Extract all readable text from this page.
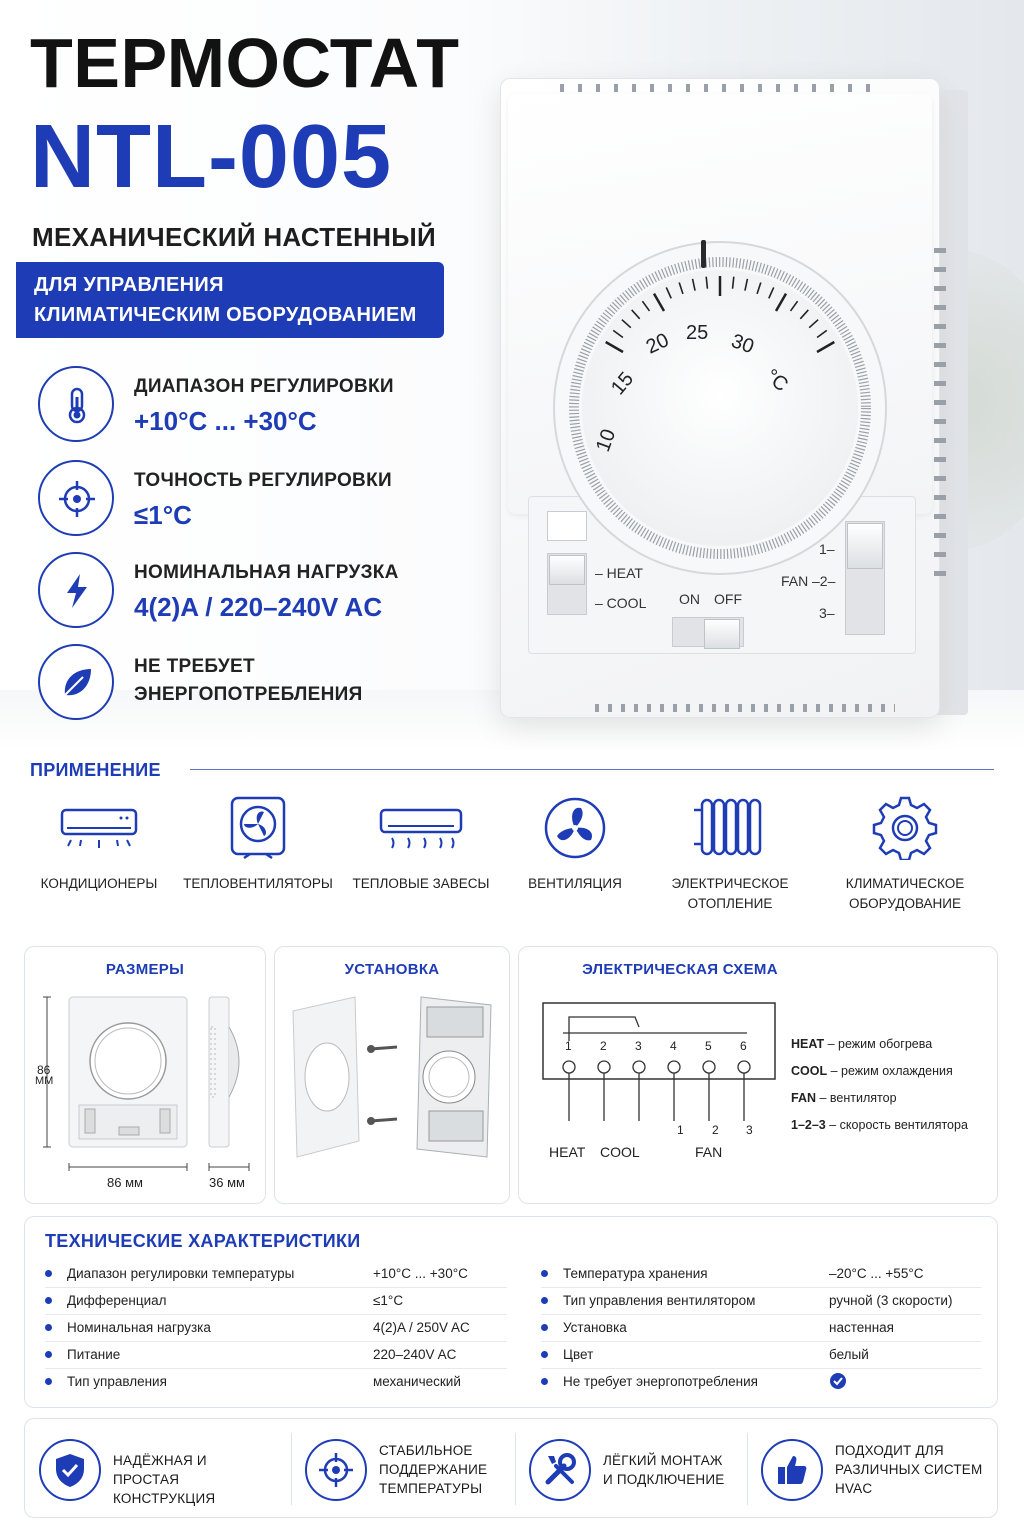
ТЕРМОСТАТ
NTL-005
МЕХАНИЧЕСКИЙ НАСТЕННЫЙ
ДЛЯ УПРАВЛЕНИЯ
КЛИМАТИЧЕСКИМ ОБОРУДОВАНИЕМ
ДИАПАЗОН РЕГУЛИРОВКИ
+10°C ... +30°C
ТОЧНОСТЬ РЕГУЛИРОВКИ
≤1°C
НОМИНАЛЬНАЯ НАГРУЗКА
4(2)A / 220–240V AC
НЕ ТРЕБУЕТ
ЭНЕРГОПОТРЕБЛЕНИЯ
– HEAT
– COOL ON OFF
FAN
1–
–2–
3–
10
15
20 25 30
°C
ПРИМЕНЕНИЕ
КОНДИЦИОНЕРЫ	ТЕПЛОВЕНТИЛЯТОРЫ	ТЕПЛОВЫЕ ЗАВЕСЫ	ВЕНТИЛЯЦИЯ	ЭЛЕКТРИЧЕСКОЕ
ОТОПЛЕНИЕ
КЛИМАТИЧЕСКОЕ
ОБОРУДОВАНИЕ
РАЗМЕРЫ
86
ММ
86 мм	36 мм
УСТАНОВКА	ЭЛЕКТРИЧЕСКАЯ СХЕМА
1 2 3 4 5 6
1 2 3
HEAT COOL	FAN
HEAT – режим обогрева
COOL – режим охлаждения
FAN – вентилятор
1–2–3 – скорость вентилятора
ТЕХНИЧЕСКИЕ ХАРАКТЕРИСТИКИ
Диапазон регулировки температуры	+10°C ... +30°C
Дифференциал	≤1°C
Номинальная нагрузка	4(2)A / 250V AC
Питание	220–240V AC
Тип управления	механический
Температура хранения	–20°C ... +55°C
Тип управления вентилятором	ручной (3 скорости)
Установка	настенная
Цвет	белый
Не требует энергопотребления
НАДЁЖНАЯ И
ПРОСТАЯ КОНСТРУКЦИЯ
СТАБИЛЬНОЕ
ПОДДЕРЖАНИЕ
ТЕМПЕРАТУРЫ
ЛЁГКИЙ МОНТАЖ
И ПОДКЛЮЧЕНИЕ
ПОДХОДИТ ДЛЯ
РАЗЛИЧНЫХ СИСТЕМ
HVAC
